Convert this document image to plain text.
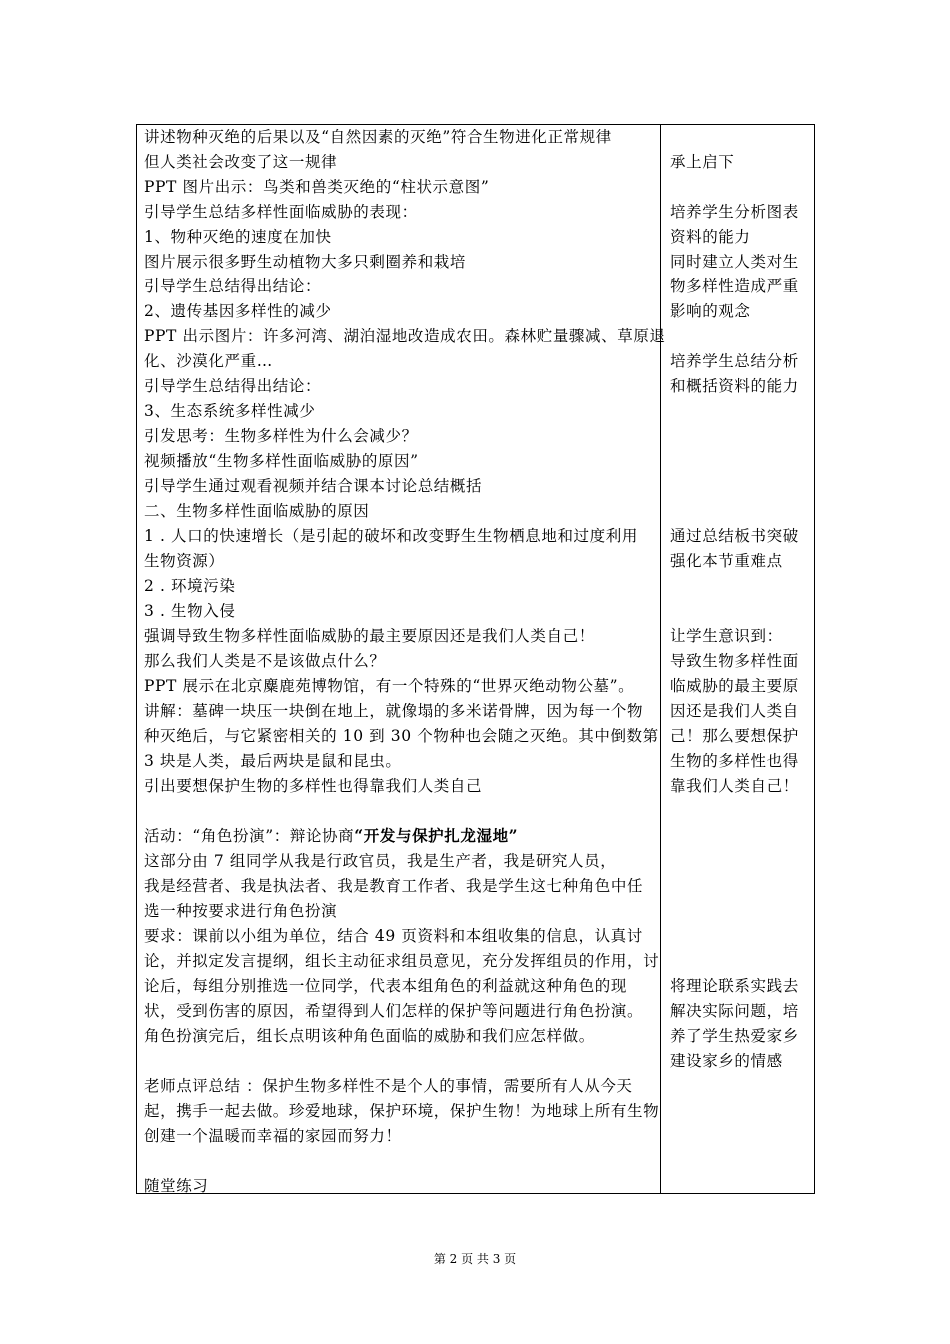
讲述物种灭绝的后果以及“自然因素的灭绝”符合生物进化正常规律
但人类社会改变了这一规律
PPT 图片出示：鸟类和兽类灭绝的“柱状示意图”
引导学生总结多样性面临威胁的表现：
1、物种灭绝的速度在加快
图片展示很多野生动植物大多只剩圈养和栽培
引导学生总结得出结论：
2、遗传基因多样性的减少
PPT 出示图片：许多河湾、湖泊湿地改造成农田。森林贮量骤减、草原退
化、沙漠化严重…
引导学生总结得出结论：
3、生态系统多样性减少
引发思考：生物多样性为什么会减少？
视频播放“生物多样性面临威胁的原因”
引导学生通过观看视频并结合课本讨论总结概括
二、生物多样性面临威胁的原因
1 . 人口的快速增长（是引起的破坏和改变野生生物栖息地和过度利用
生物资源）
2 . 环境污染
3 . 生物入侵
强调导致生物多样性面临威胁的最主要原因还是我们人类自己！
那么我们人类是不是该做点什么？
PPT 展示在北京麋鹿苑博物馆，有一个特殊的“世界灭绝动物公墓”。
讲解：墓碑一块压一块倒在地上，就像塌的多米诺骨牌，因为每一个物
种灭绝后，与它紧密相关的 10 到 30 个物种也会随之灭绝。其中倒数第
3 块是人类，最后两块是鼠和昆虫。
引出要想保护生物的多样性也得靠我们人类自己
活动：“角色扮演”：辩论协商“开发与保护扎龙湿地”
这部分由 7 组同学从我是行政官员，我是生产者，我是研究人员，
我是经营者、我是执法者、我是教育工作者、我是学生这七种角色中任
选一种按要求进行角色扮演
要求：课前以小组为单位，结合 49 页资料和本组收集的信息，认真讨
论，并拟定发言提纲，组长主动征求组员意见，充分发挥组员的作用，讨
论后，每组分别推选一位同学，代表本组角色的利益就这种角色的现
状，受到伤害的原因，希望得到人们怎样的保护等问题进行角色扮演。
角色扮演完后，组长点明该种角色面临的威胁和我们应怎样做。
老师点评总结 ：保护生物多样性不是个人的事情，需要所有人从今天
起，携手一起去做。珍爱地球，保护环境，保护生物！为地球上所有生物
创建一个温暖而幸福的家园而努力！
随堂练习
承上启下
培养学生分析图表
资料的能力
同时建立人类对生
物多样性造成严重
影响的观念
培养学生总结分析
和概括资料的能力
通过总结板书突破
强化本节重难点
让学生意识到：
导致生物多样性面
临威胁的最主要原
因还是我们人类自
己！那么要想保护
生物的多样性也得
靠我们人类自己！
将理论联系实践去
解决实际问题，培
养了学生热爱家乡
建设家乡的情感
第 2 页 共 3 页
